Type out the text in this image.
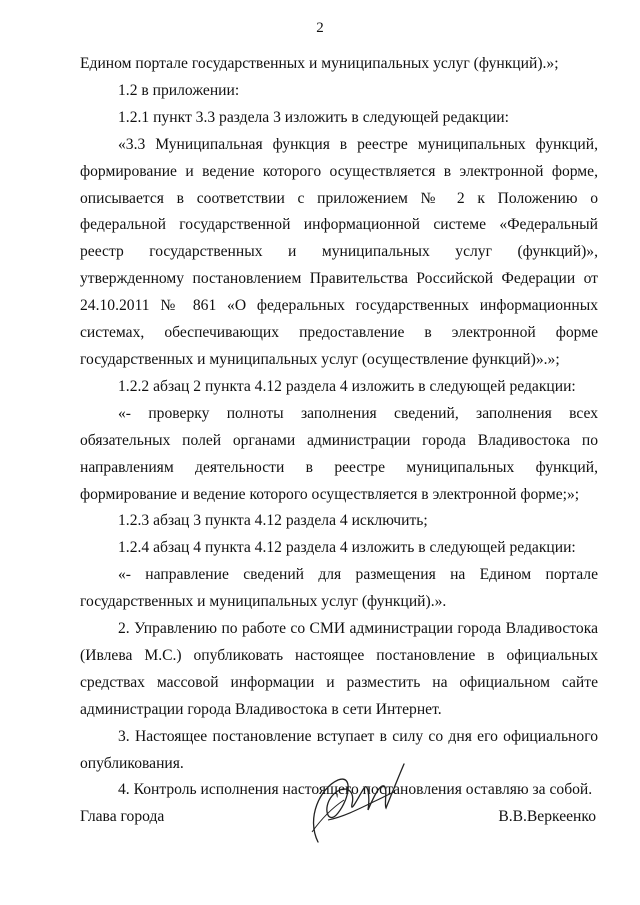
2

Едином портале государственных и муниципальных услуг (функций).»;

1.2 в приложении:

1.2.1 пункт 3.3 раздела 3 изложить в следующей редакции:

«3.3 Муниципальная функция в реестре муниципальных функций, формирование и ведение которого осуществляется в электронной форме, описывается в соответствии с приложением № 2 к Положению о федеральной государственной информационной системе «Федеральный реестр государственных и муниципальных услуг (функций)», утвержденному постановлением Правительства Российской Федерации от 24.10.2011 № 861 «О федеральных государственных информационных системах, обеспечивающих предоставление в электронной форме государственных и муниципальных услуг (осуществление функций)».»;

1.2.2 абзац 2 пункта 4.12 раздела 4 изложить в следующей редакции:

«- проверку полноты заполнения сведений, заполнения всех обязательных полей органами администрации города Владивостока по направлениям деятельности в реестре муниципальных функций, формирование и ведение которого осуществляется в электронной форме;»;

1.2.3 абзац 3 пункта 4.12 раздела 4 исключить;

1.2.4 абзац 4 пункта 4.12 раздела 4 изложить в следующей редакции:

«- направление сведений для размещения на Едином портале государственных и муниципальных услуг (функций).».

2. Управлению по работе со СМИ администрации города Владивостока (Ивлева М.С.) опубликовать настоящее постановление в официальных средствах массовой информации и разместить на официальном сайте администрации города Владивостока в сети Интернет.

3. Настоящее постановление вступает в силу со дня его официального опубликования.

4. Контроль исполнения настоящего постановления оставляю за собой.

Глава города	В.В.Веркеенко
